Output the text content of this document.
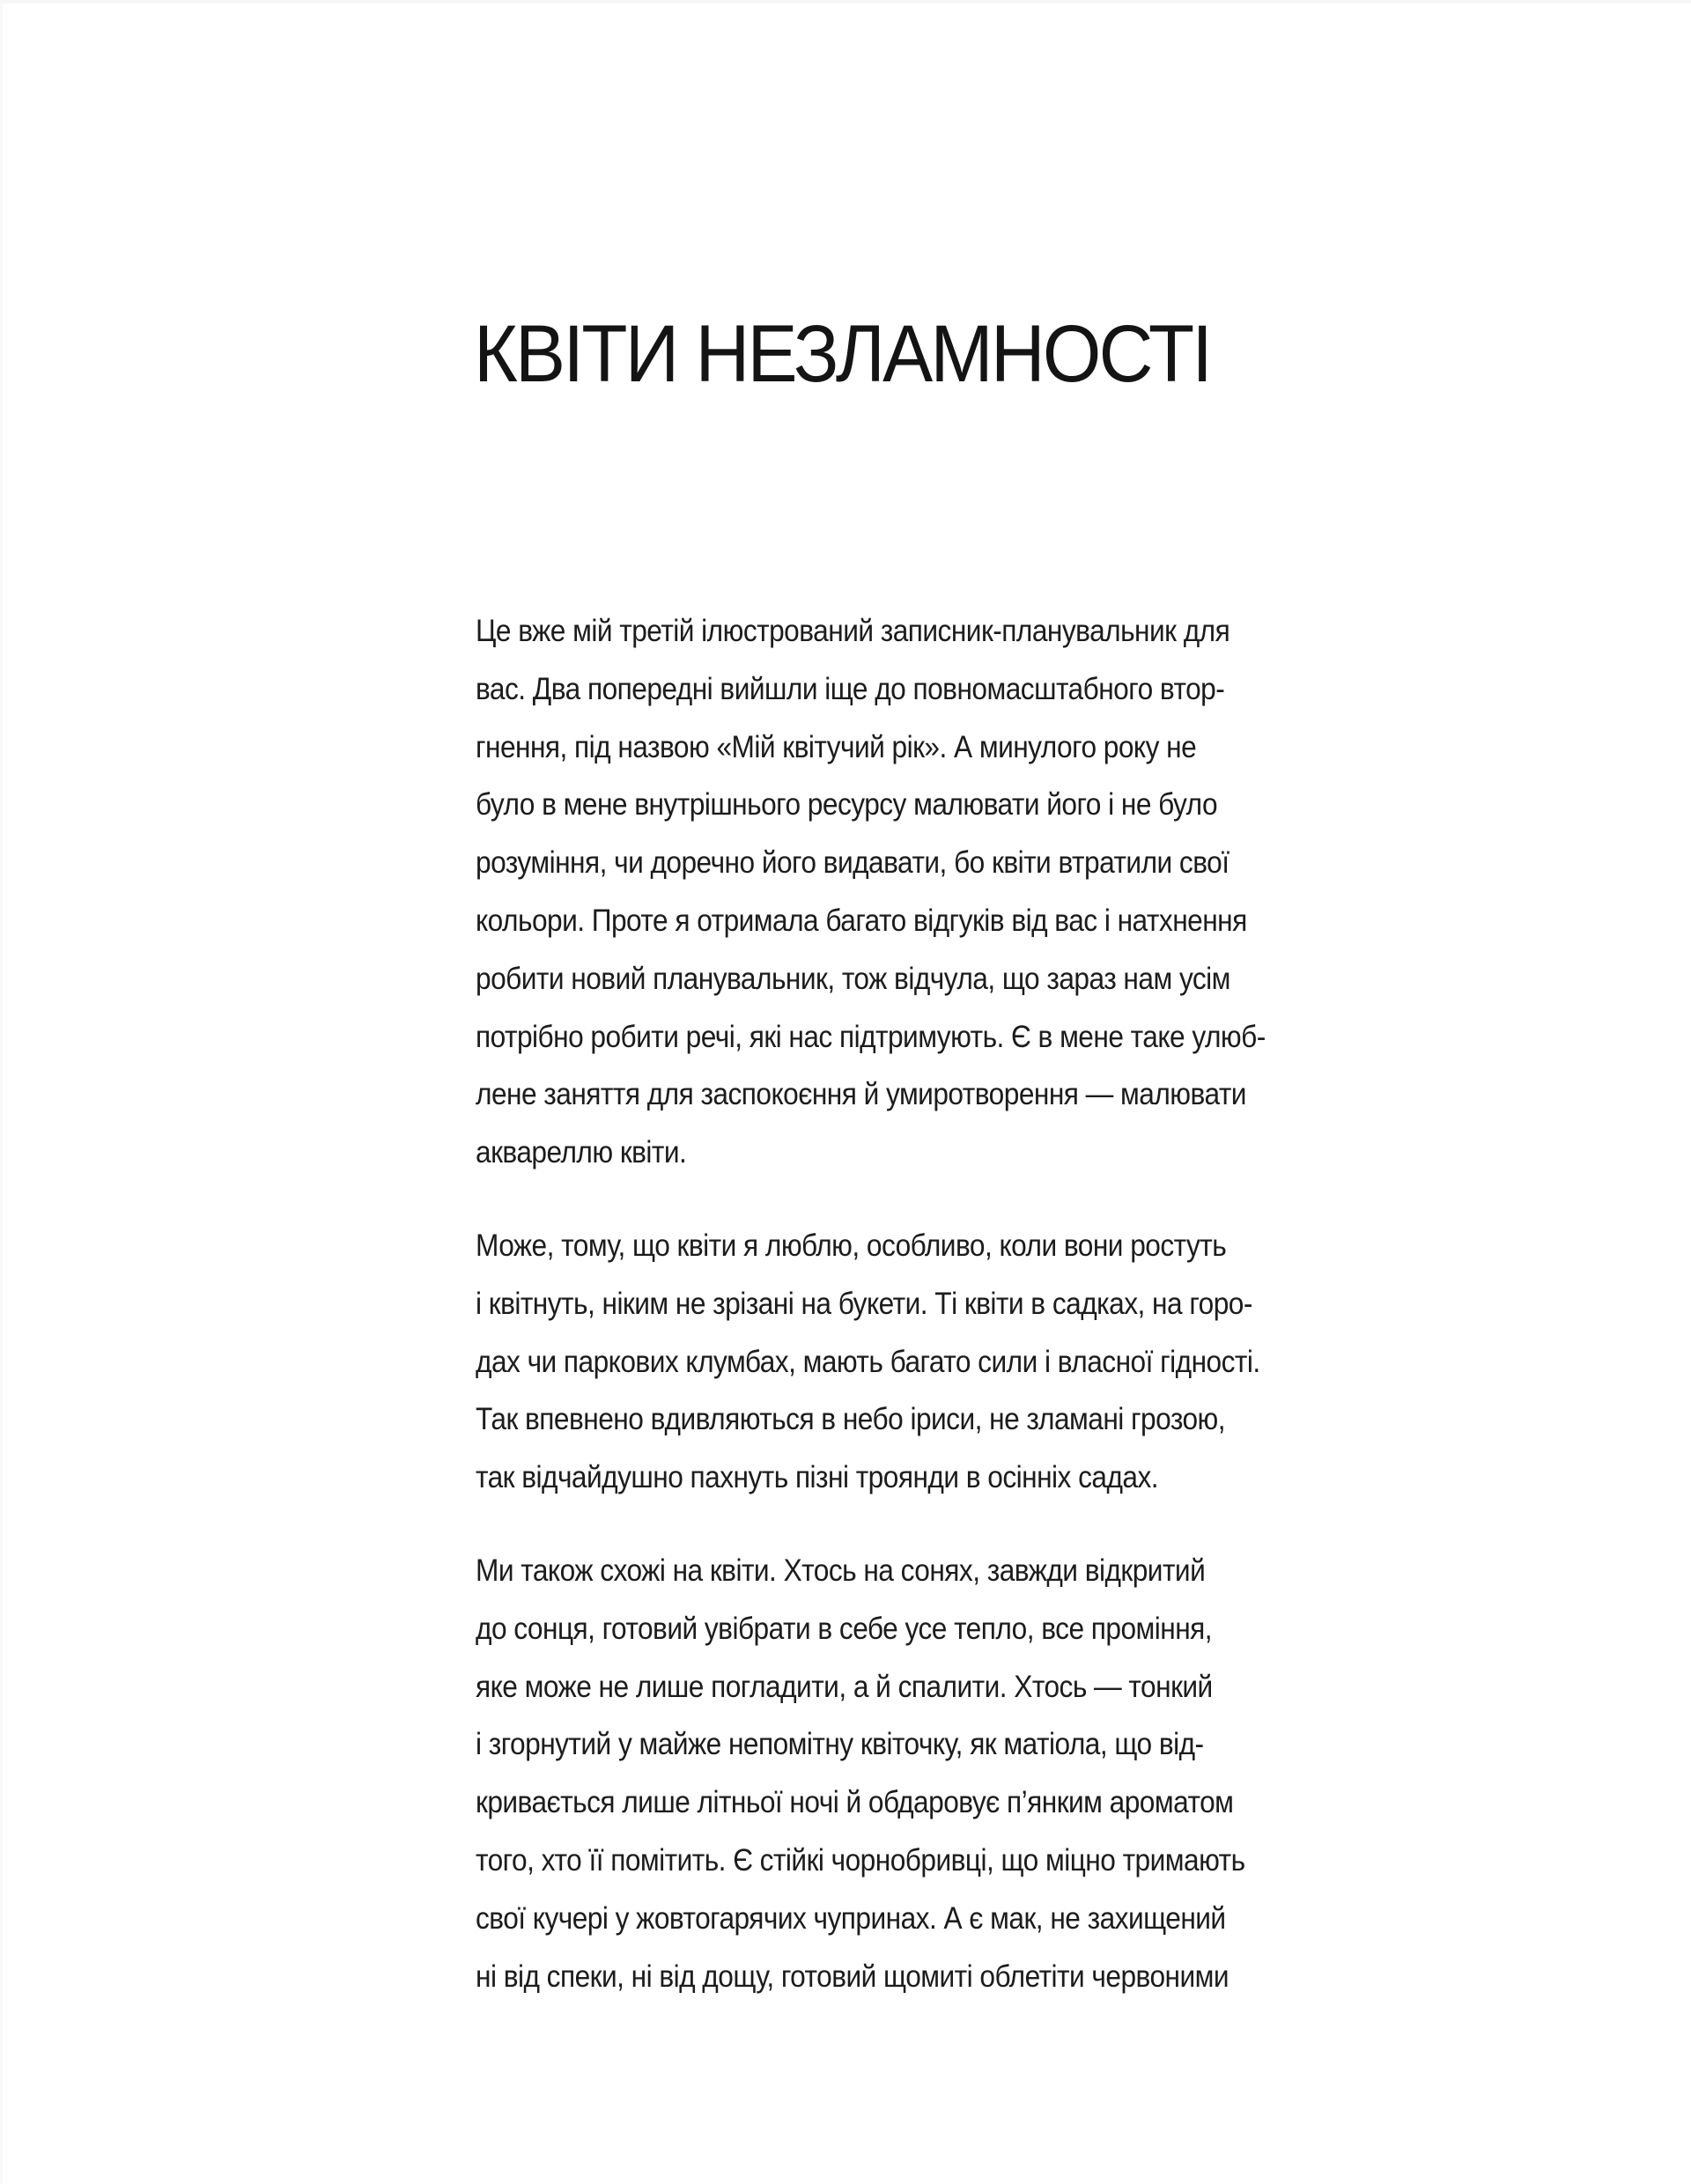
КВІТИ НЕЗЛАМНОСТІ

Це вже мій третій ілюстрований записник-планувальник для
вас. Два попередні вийшли іще до повномасштабного втор-
гнення, під назвою «Мій квітучий рік». А минулого року не
було в мене внутрішнього ресурсу малювати його і не було
розуміння, чи доречно його видавати, бо квіти втратили свої
кольори. Проте я отримала багато відгуків від вас і натхнення
робити новий планувальник, тож відчула, що зараз нам усім
потрібно робити речі, які нас підтримують. Є в мене таке улюб-
лене заняття для заспокоєння й умиротворення — малювати
аквареллю квіти.

Може, тому, що квіти я люблю, особливо, коли вони ростуть
і квітнуть, ніким не зрізані на букети. Ті квіти в садках, на горо-
дах чи паркових клумбах, мають багато сили і власної гідності.
Так впевнено вдивляються в небо іриси, не зламані грозою,
так відчайдушно пахнуть пізні троянди в осінніх садах.

Ми також схожі на квіти. Хтось на сонях, завжди відкритий
до сонця, готовий увібрати в себе усе тепло, все проміння,
яке може не лише погладити, а й спалити. Хтось — тонкий
і згорнутий у майже непомітну квіточку, як матіола, що від-
кривається лише літньої ночі й обдаровує п’янким ароматом
того, хто її помітить. Є стійкі чорнобривці, що міцно тримають
свої кучері у жовтогарячих чупринах. А є мак, не захищений
ні від спеки, ні від дощу, готовий щомиті облетіти червоними
